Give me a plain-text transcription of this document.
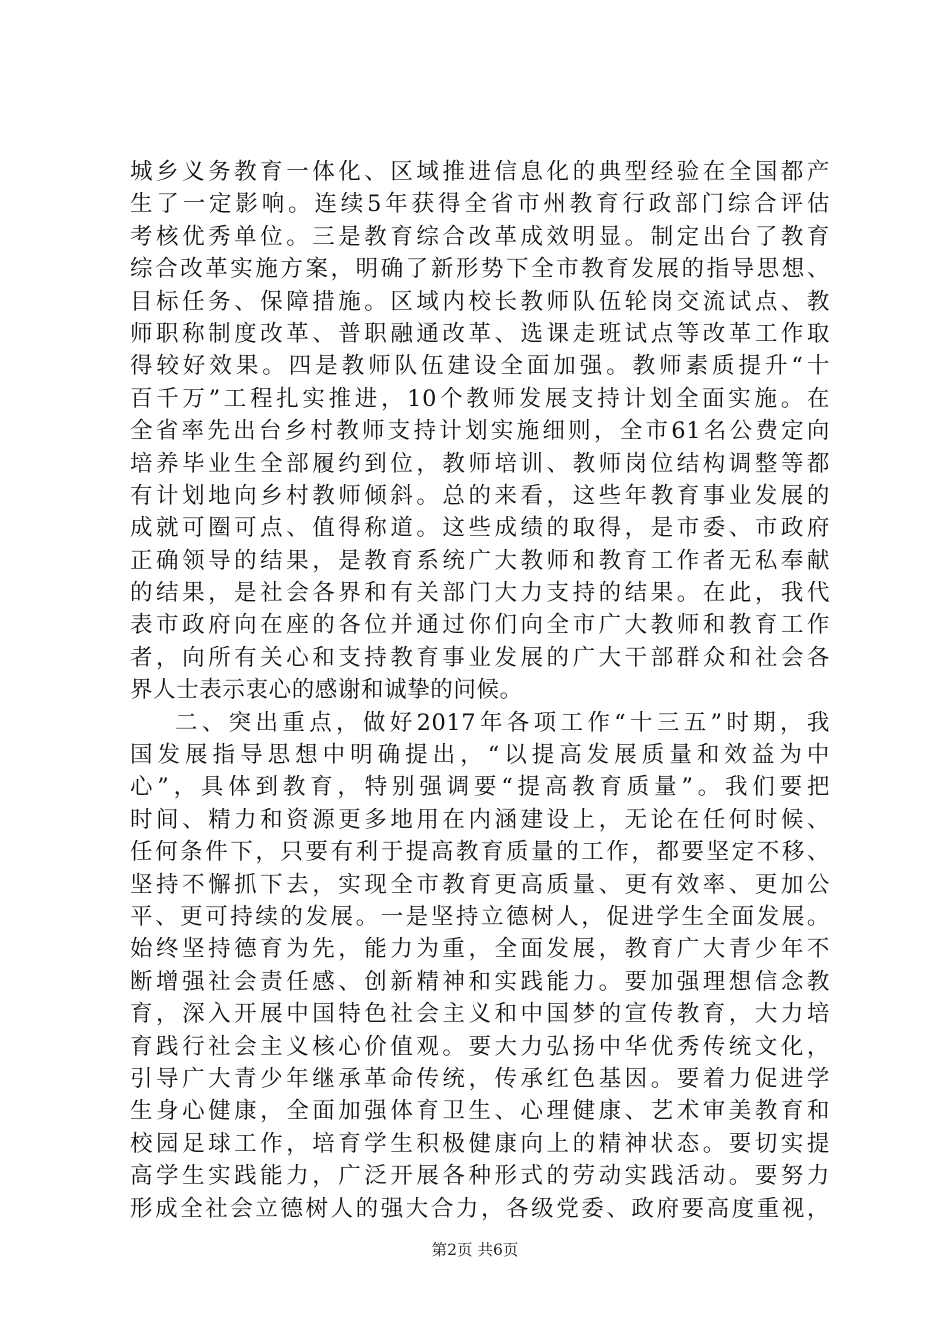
城乡义务教育一体化、区域推进信息化的典型经验在全国都产
生了一定影响。连续5年获得全省市州教育行政部门综合评估
考核优秀单位。三是教育综合改革成效明显。制定出台了教育
综合改革实施方案，明确了新形势下全市教育发展的指导思想、
目标任务、保障措施。区域内校长教师队伍轮岗交流试点、教
师职称制度改革、普职融通改革、选课走班试点等改革工作取
得较好效果。四是教师队伍建设全面加强。教师素质提升“十
百千万”工程扎实推进，10个教师发展支持计划全面实施。在
全省率先出台乡村教师支持计划实施细则，全市61名公费定向
培养毕业生全部履约到位，教师培训、教师岗位结构调整等都
有计划地向乡村教师倾斜。总的来看，这些年教育事业发展的
成就可圈可点、值得称道。这些成绩的取得，是市委、市政府
正确领导的结果，是教育系统广大教师和教育工作者无私奉献
的结果，是社会各界和有关部门大力支持的结果。在此，我代
表市政府向在座的各位并通过你们向全市广大教师和教育工作
者，向所有关心和支持教育事业发展的广大干部群众和社会各
界人士表示衷心的感谢和诚挚的问候。
二、突出重点，做好2017年各项工作“十三五”时期，我
国发展指导思想中明确提出，“以提高发展质量和效益为中
心”，具体到教育，特别强调要“提高教育质量”。我们要把
时间、精力和资源更多地用在内涵建设上，无论在任何时候、
任何条件下，只要有利于提高教育质量的工作，都要坚定不移、
坚持不懈抓下去，实现全市教育更高质量、更有效率、更加公
平、更可持续的发展。一是坚持立德树人，促进学生全面发展。
始终坚持德育为先，能力为重，全面发展，教育广大青少年不
断增强社会责任感、创新精神和实践能力。要加强理想信念教
育，深入开展中国特色社会主义和中国梦的宣传教育，大力培
育践行社会主义核心价值观。要大力弘扬中华优秀传统文化，
引导广大青少年继承革命传统，传承红色基因。要着力促进学
生身心健康，全面加强体育卫生、心理健康、艺术审美教育和
校园足球工作，培育学生积极健康向上的精神状态。要切实提
高学生实践能力，广泛开展各种形式的劳动实践活动。要努力
形成全社会立德树人的强大合力，各级党委、政府要高度重视，
第2页 共6页
